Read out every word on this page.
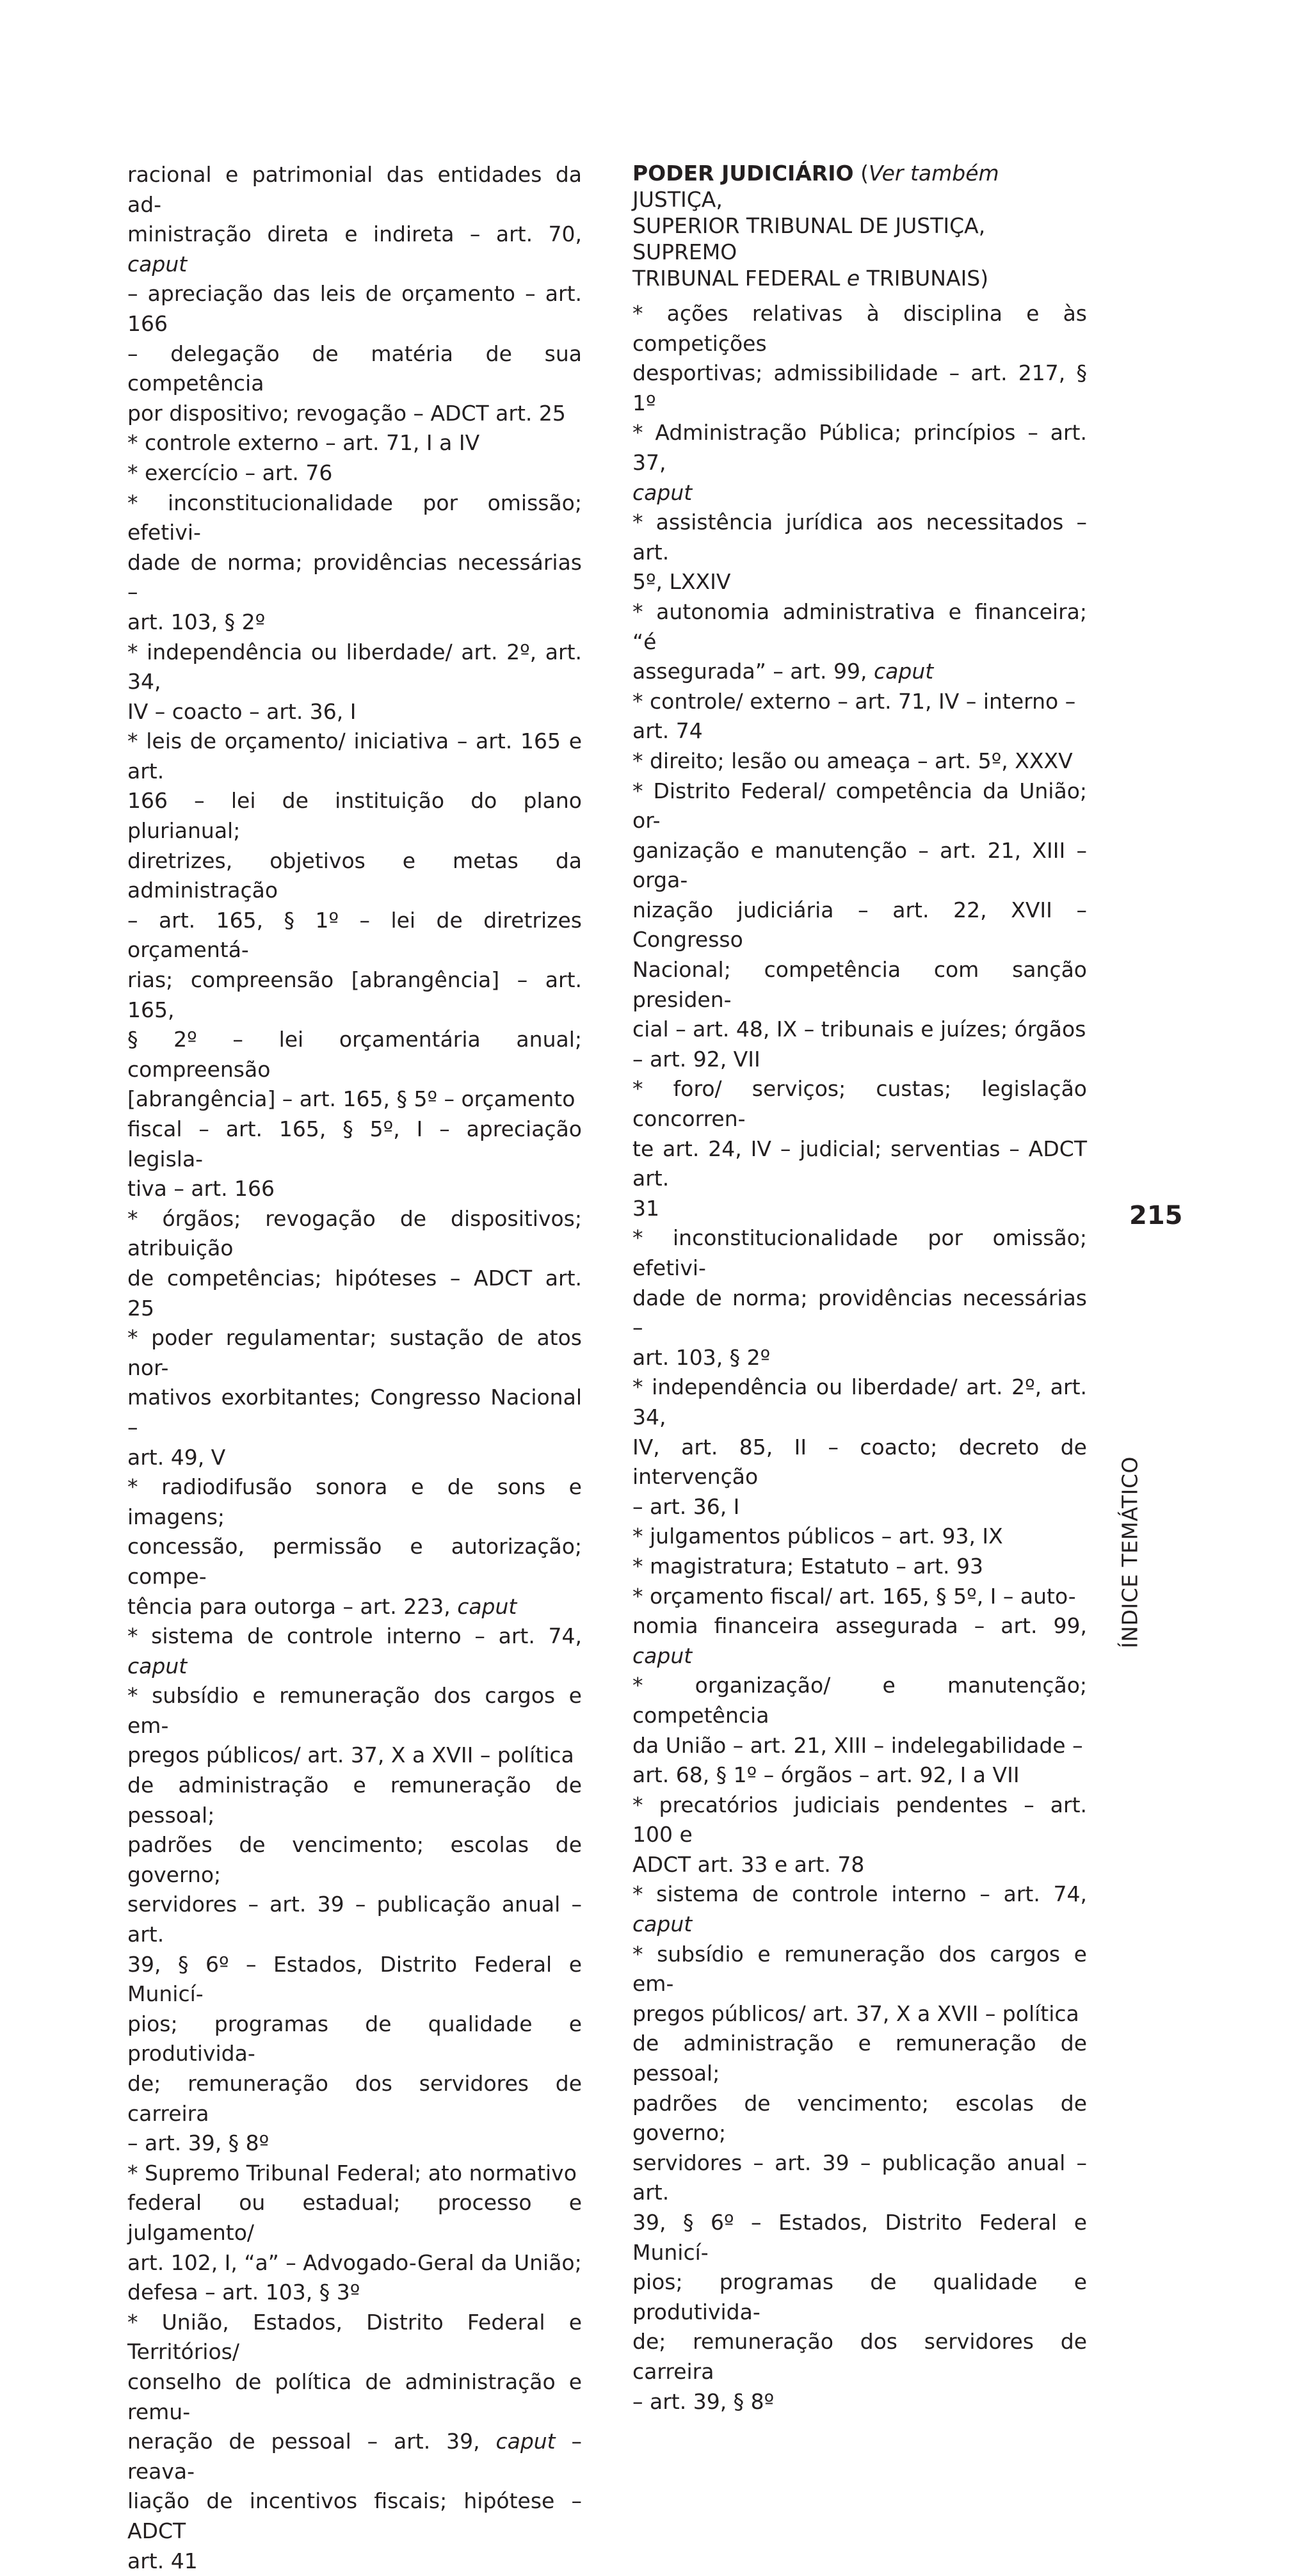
racional e patrimonial das entidades da ad-
ministração direta e indireta – art. 70, caput
– apreciação das leis de orçamento – art. 166
– delegação de matéria de sua competência
por dispositivo; revogação – ADCT art. 25
* controle externo – art. 71, I a IV
* exercício – art. 76
* inconstitucionalidade por omissão; efetivi-
dade de norma; providências necessárias –
art. 103, § 2º
* independência ou liberdade/ art. 2º, art. 34,
IV – coacto – art. 36, I
* leis de orçamento/ iniciativa – art. 165 e art.
166 – lei de instituição do plano plurianual;
diretrizes, objetivos e metas da administração
– art. 165, § 1º – lei de diretrizes orçamentá-
rias; compreensão [abrangência] – art. 165,
§ 2º – lei orçamentária anual; compreensão
[abrangência] – art. 165, § 5º – orçamento
fiscal – art. 165, § 5º, I – apreciação legisla-
tiva – art. 166
* órgãos; revogação de dispositivos; atribuição
de competências; hipóteses – ADCT art. 25
* poder regulamentar; sustação de atos nor-
mativos exorbitantes; Congresso Nacional –
art. 49, V
* radiodifusão sonora e de sons e imagens;
concessão, permissão e autorização; compe-
tência para outorga – art. 223, caput
* sistema de controle interno – art. 74, caput
* subsídio e remuneração dos cargos e em-
pregos públicos/ art. 37, X a XVII – política
de administração e remuneração de pessoal;
padrões de vencimento; escolas de governo;
servidores – art. 39 – publicação anual – art.
39, § 6º – Estados, Distrito Federal e Municí-
pios; programas de qualidade e produtivida-
de; remuneração dos servidores de carreira
– art. 39, § 8º
* Supremo Tribunal Federal; ato normativo
federal ou estadual; processo e julgamento/
art. 102, I, “a” – Advogado-Geral da União;
defesa – art. 103, § 3º
* União, Estados, Distrito Federal e Territórios/
conselho de política de administração e remu-
neração de pessoal – art. 39, caput – reava-
liação de incentivos fiscais; hipótese – ADCT
art. 41
PODER JUDICIÁRIO (Ver também JUSTIÇA,
SUPERIOR TRIBUNAL DE JUSTIÇA, SUPREMO
TRIBUNAL FEDERAL e TRIBUNAIS)
* ações relativas à disciplina e às competições
desportivas; admissibilidade – art. 217, § 1º
* Administração Pública; princípios – art. 37,
caput
* assistência jurídica aos necessitados – art.
5º, LXXIV
* autonomia administrativa e financeira; “é
assegurada” – art. 99, caput
* controle/ externo – art. 71, IV – interno –
art. 74
* direito; lesão ou ameaça – art. 5º, XXXV
* Distrito Federal/ competência da União; or-
ganização e manutenção – art. 21, XIII – orga-
nização judiciária – art. 22, XVII – Congresso
Nacional; competência com sanção presiden-
cial – art. 48, IX – tribunais e juízes; órgãos
– art. 92, VII
* foro/ serviços; custas; legislação concorren-
te art. 24, IV – judicial; serventias – ADCT art.
31
* inconstitucionalidade por omissão; efetivi-
dade de norma; providências necessárias –
art. 103, § 2º
* independência ou liberdade/ art. 2º, art. 34,
IV, art. 85, II – coacto; decreto de intervenção
– art. 36, I
* julgamentos públicos – art. 93, IX
* magistratura; Estatuto – art. 93
* orçamento fiscal/ art. 165, § 5º, I – auto-
nomia financeira assegurada – art. 99, caput
* organização/ e manutenção; competência
da União – art. 21, XIII – indelegabilidade –
art. 68, § 1º – órgãos – art. 92, I a VII
* precatórios judiciais pendentes – art. 100 e
ADCT art. 33 e art. 78
* sistema de controle interno – art. 74, caput
* subsídio e remuneração dos cargos e em-
pregos públicos/ art. 37, X a XVII – política
de administração e remuneração de pessoal;
padrões de vencimento; escolas de governo;
servidores – art. 39 – publicação anual – art.
39, § 6º – Estados, Distrito Federal e Municí-
pios; programas de qualidade e produtivida-
de; remuneração dos servidores de carreira
– art. 39, § 8º
ÍNDICE TEMÁTICO
215
